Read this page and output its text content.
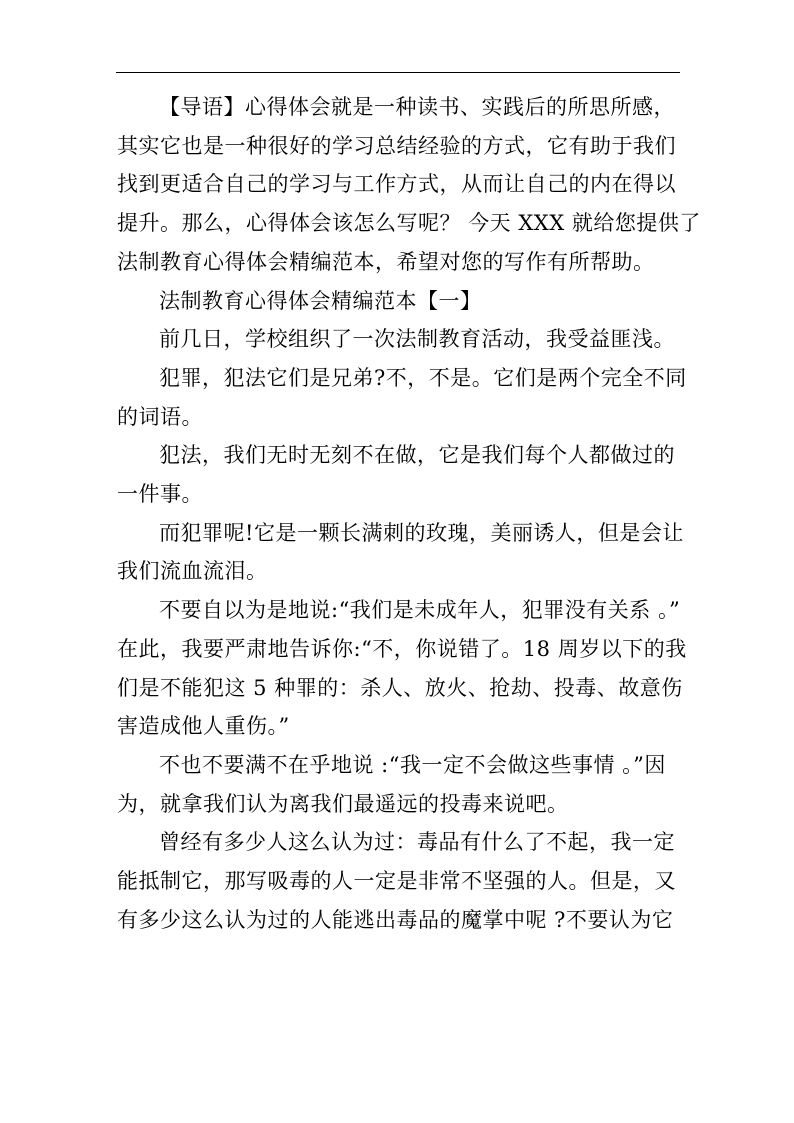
【导语】心得体会就是一种读书、实践后的所思所感，
其实它也是一种很好的学习总结经验的方式，它有助于我们
找到更适合自己的学习与工作方式，从而让自己的内在得以
提升。那么，心得体会该怎么写呢？ 今天 XXX 就给您提供了
法制教育心得体会精编范本，希望对您的写作有所帮助。

法制教育心得体会精编范本【一】

前几日，学校组织了一次法制教育活动，我受益匪浅。

犯罪，犯法它们是兄弟?不，不是。它们是两个完全不同
的词语。

犯法，我们无时无刻不在做，它是我们每个人都做过的
一件事。

而犯罪呢!它是一颗长满刺的玫瑰，美丽诱人，但是会让
我们流血流泪。

不要自以为是地说:“我们是未成年人，犯罪没有关系 。”
在此，我要严肃地告诉你:“不，你说错了。18 周岁以下的我
们是不能犯这 5 种罪的：杀人、放火、抢劫、投毒、故意伤
害造成他人重伤。”

不也不要满不在乎地说 :“我一定不会做这些事情 。”因
为，就拿我们认为离我们最遥远的投毒来说吧。

曾经有多少人这么认为过：毒品有什么了不起，我一定
能抵制它，那写吸毒的人一定是非常不坚强的人。但是，又
有多少这么认为过的人能逃出毒品的魔掌中呢 ?不要认为它
